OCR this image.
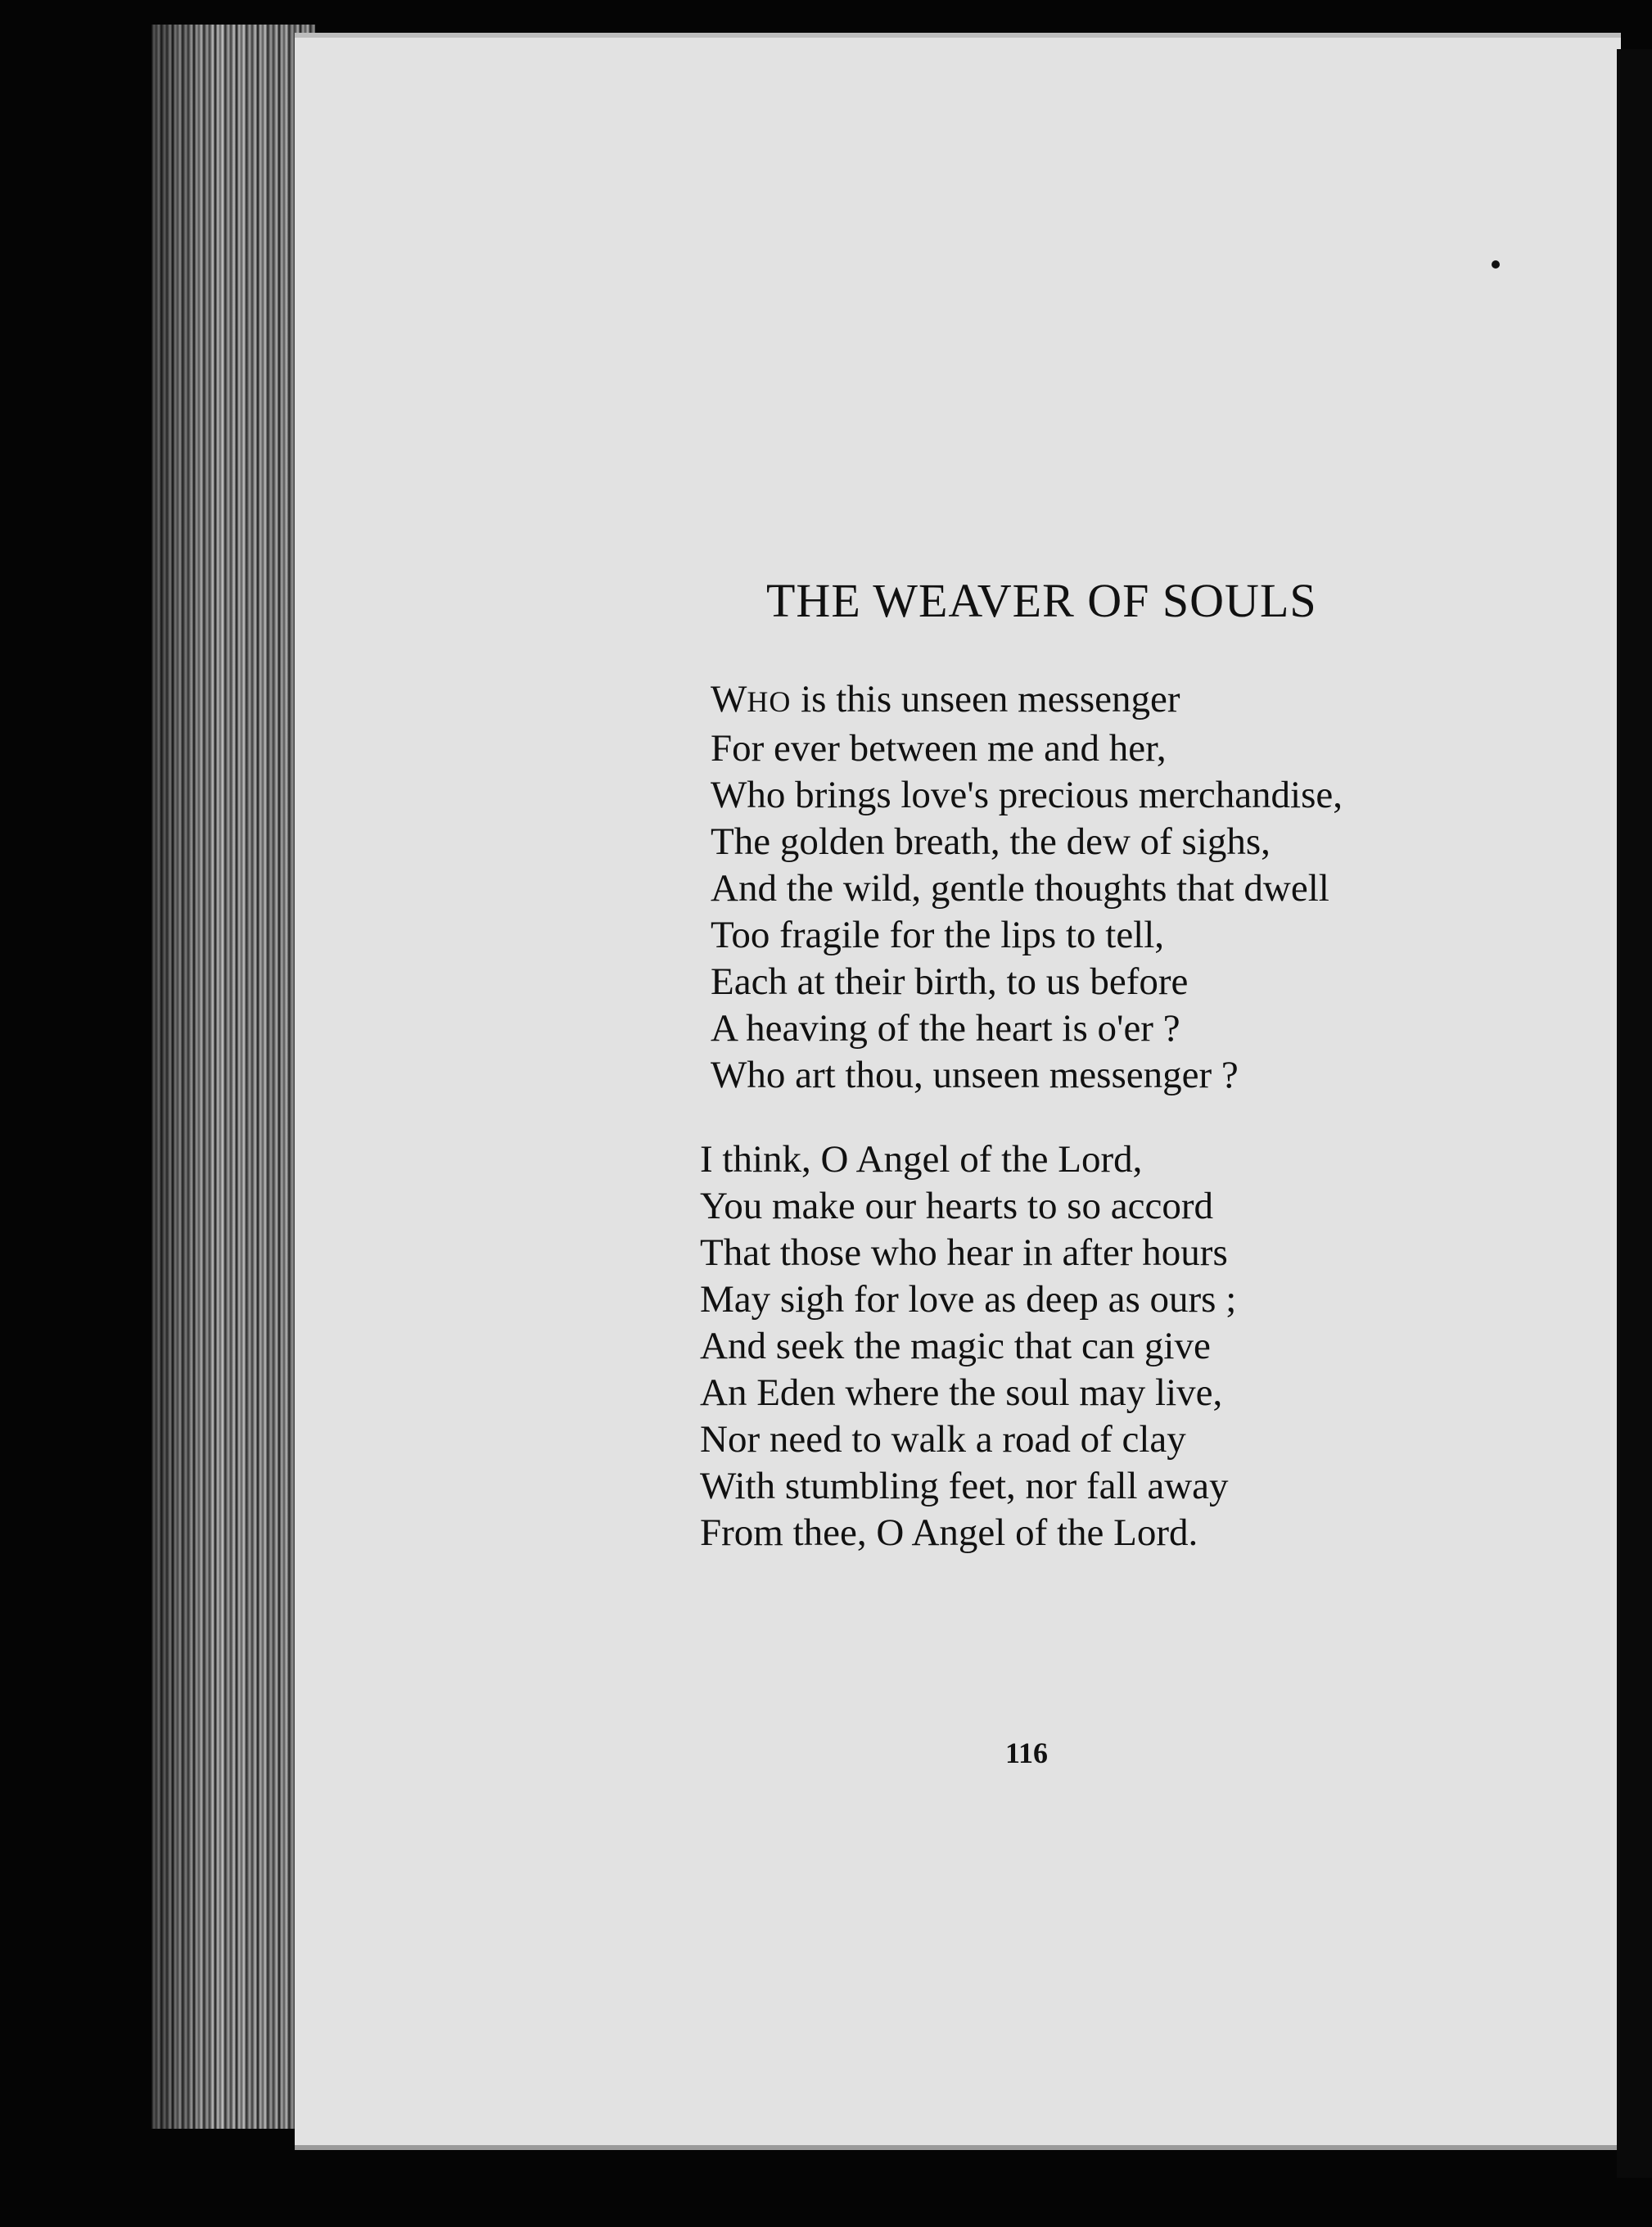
THE WEAVER OF SOULS
WHO is this unseen messenger
For ever between me and her,
Who brings love's precious merchandise,
The golden breath, the dew of sighs,
And the wild, gentle thoughts that dwell
Too fragile for the lips to tell,
Each at their birth, to us before
A heaving of the heart is o'er ?
Who art thou, unseen messenger ?
I think, O Angel of the Lord,
You make our hearts to so accord
That those who hear in after hours
May sigh for love as deep as ours ;
And seek the magic that can give
An Eden where the soul may live,
Nor need to walk a road of clay
With stumbling feet, nor fall away
From thee, O Angel of the Lord.
116
